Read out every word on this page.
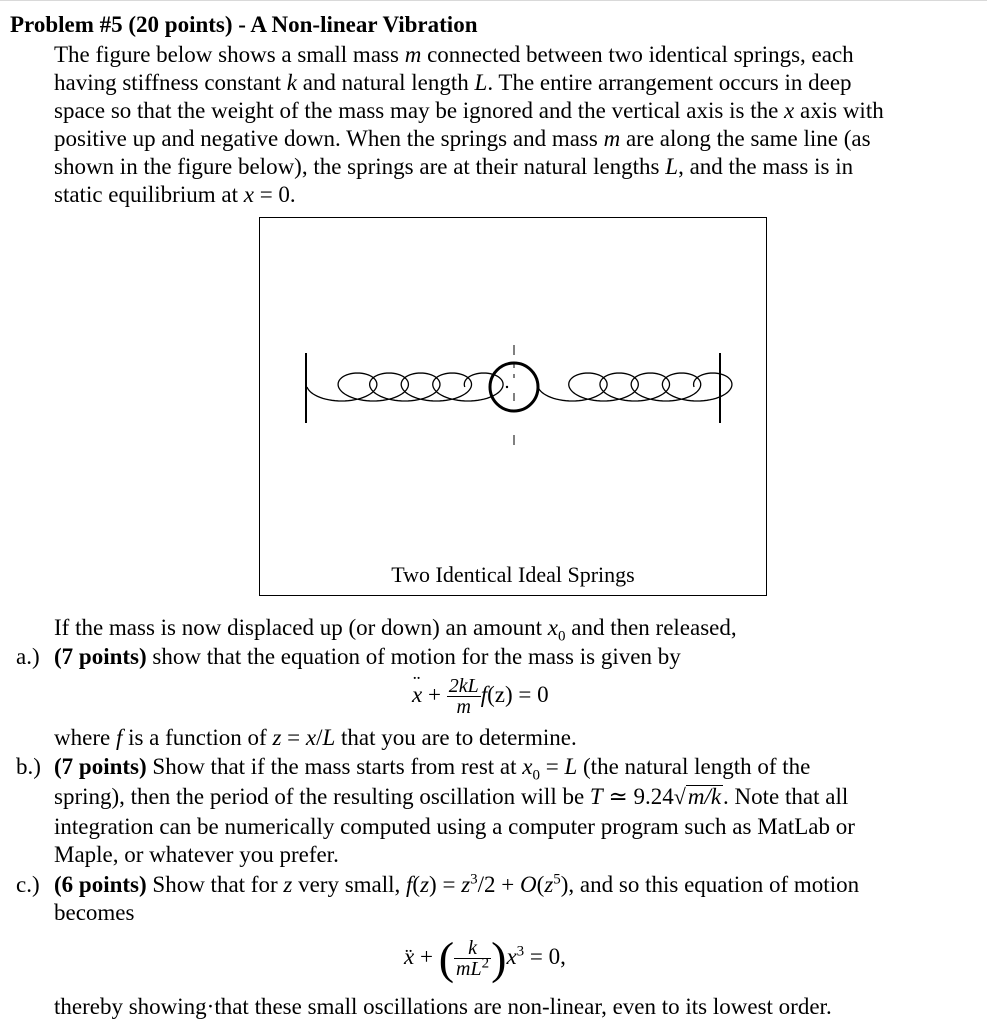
Problem #5 (20 points) - A Non-linear Vibration
The figure below shows a small mass m connected between two identical springs, each
having stiffness constant k and natural length L. The entire arrangement occurs in deep
space so that the weight of the mass may be ignored and the vertical axis is the x axis with
positive up and negative down. When the springs and mass m are along the same line (as
shown in the figure below), the springs are at their natural lengths L, and the mass is in
static equilibrium at x = 0.
Two Identical Ideal Springs
If the mass is now displaced up (or down) an amount $x_0$ and then released,
a.) (7 points) show that the equation of motion for the mass is given by
¨ $x + \frac{2kL}{m} f(z) = 0$
where f is a function of z = x/L that you are to determine.
b.) (7 points) Show that if the mass starts from rest at $x_0 = L$ (the natural length of the
spring), then the period of the resulting oscillation will be T ≃ 9.24√m/k. Note that all
integration can be numerically computed using a computer program such as MatLab or
Maple, or whatever you prefer.
c.) (6 points) Show that for z very small, $f(z) = z^3/2 + O(z^5)$, and so this equation of motion
becomes
¨ x + ( $\frac{k}{mL^2} )x^3 = 0$,
thereby showing·that these small oscillations are non-linear, even to its lowest order.
